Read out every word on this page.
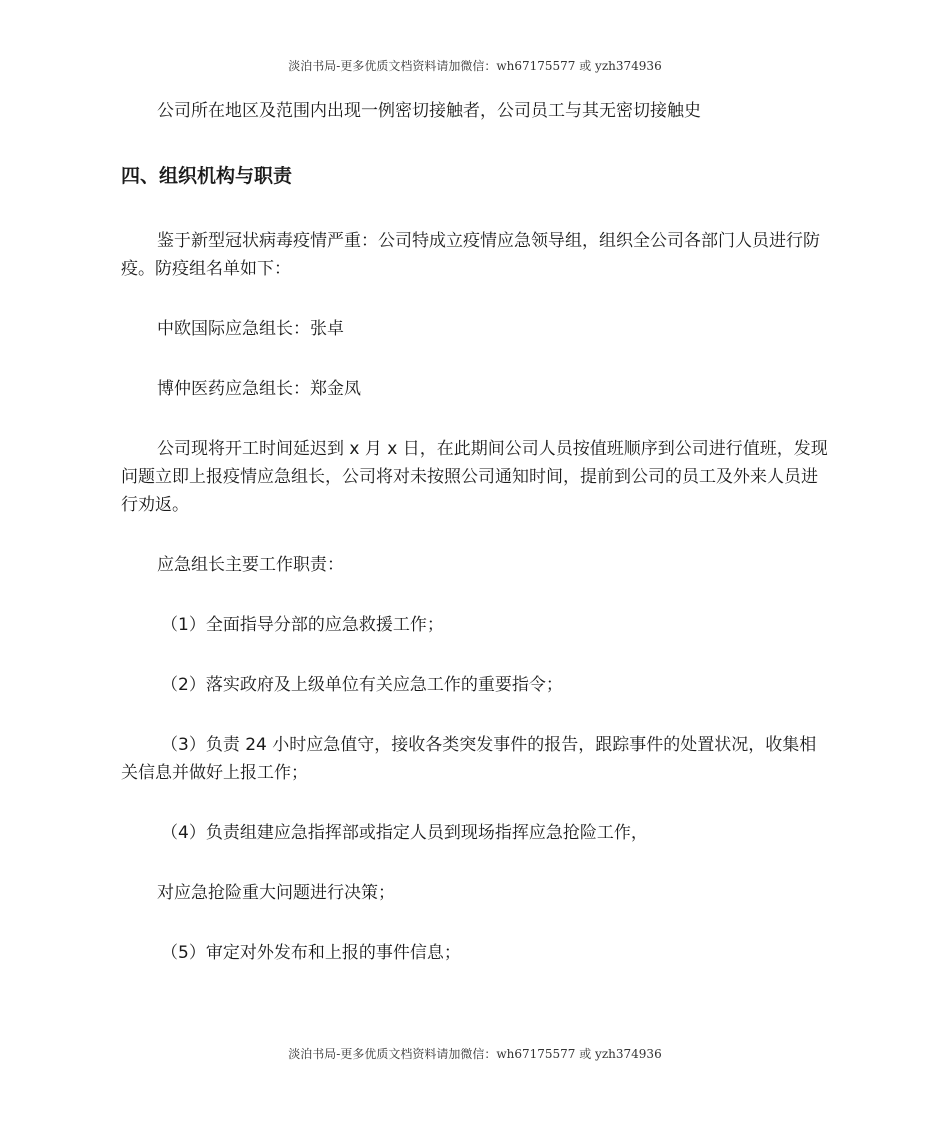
淡泊书局-更多优质文档资料请加微信：wh67175577 或 yzh374936

公司所在地区及范围内出现一例密切接触者，公司员工与其无密切接触史

四、组织机构与职责

鉴于新型冠状病毒疫情严重：公司特成立疫情应急领导组，组织全公司各部门人员进行防疫。防疫组名单如下：

中欧国际应急组长：张卓

博仲医药应急组长：郑金凤

公司现将开工时间延迟到 x 月 x 日，在此期间公司人员按值班顺序到公司进行值班，发现问题立即上报疫情应急组长，公司将对未按照公司通知时间，提前到公司的员工及外来人员进行劝返。

应急组长主要工作职责：

（1）全面指导分部的应急救援工作；

（2）落实政府及上级单位有关应急工作的重要指令；

（3）负责 24 小时应急值守，接收各类突发事件的报告，跟踪事件的处置状况，收集相关信息并做好上报工作；

（4）负责组建应急指挥部或指定人员到现场指挥应急抢险工作，

对应急抢险重大问题进行决策；

（5）审定对外发布和上报的事件信息；

淡泊书局-更多优质文档资料请加微信：wh67175577 或 yzh374936
